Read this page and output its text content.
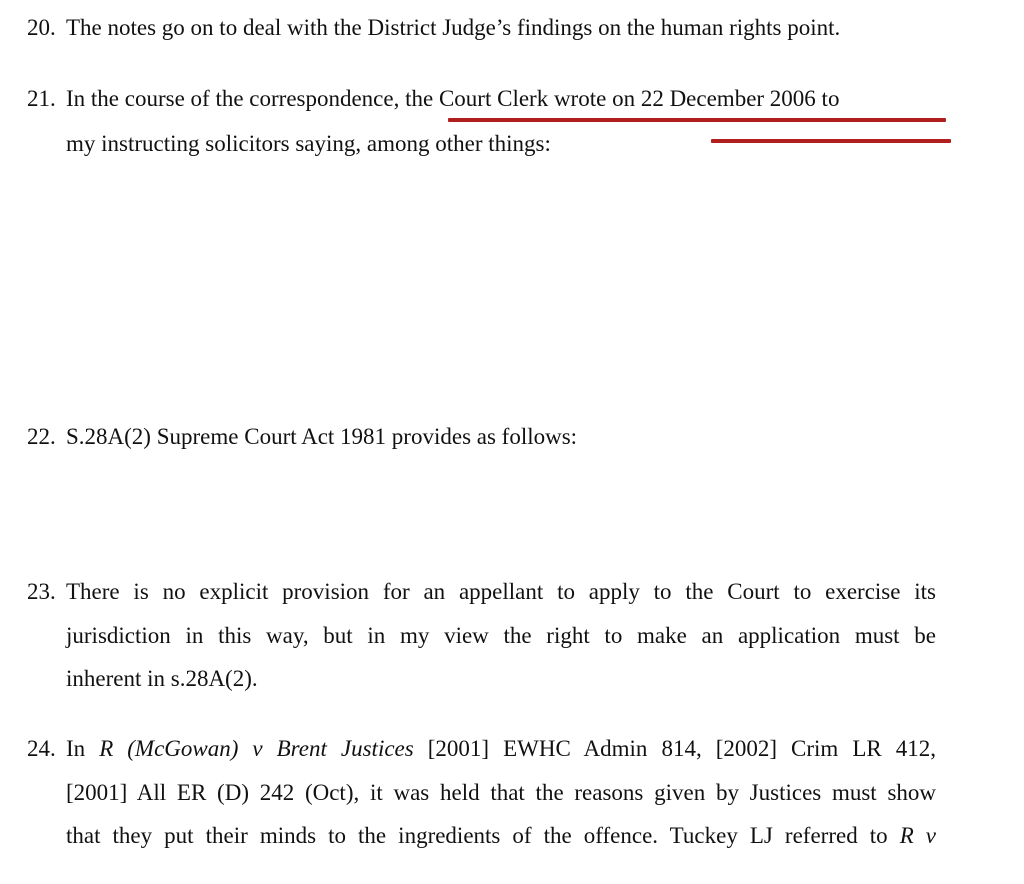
20. The notes go on to deal with the District Judge’s findings on the human rights point.
21. In the course of the correspondence, the Court Clerk wrote on 22 December 2006 to
my instructing solicitors saying, among other things:
22. S.28A(2) Supreme Court Act 1981 provides as follows:
23. There is no explicit provision for an appellant to apply to the Court to exercise its
jurisdiction in this way, but in my view the right to make an application must be
inherent in s.28A(2).
24. In R (McGowan) v Brent Justices [2001] EWHC Admin 814, [2002] Crim LR 412,
[2001] All ER (D) 242 (Oct), it was held that the reasons given by Justices must show
that they put their minds to the ingredients of the offence. Tuckey LJ referred to R v
